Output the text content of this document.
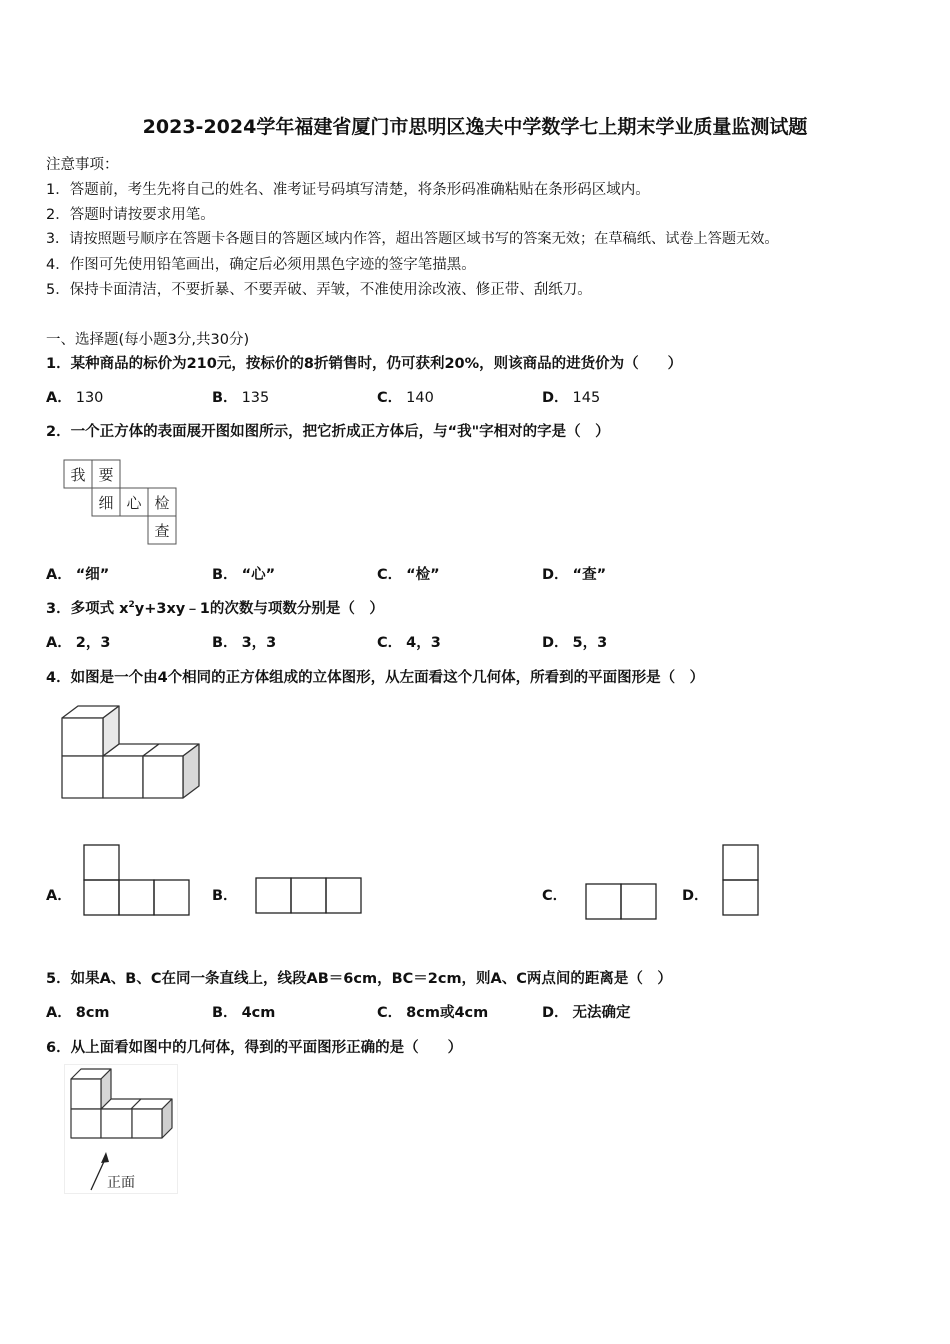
2023-2024学年福建省厦门市思明区逸夫中学数学七上期末学业质量监测试题
注意事项：
1．答题前，考生先将自己的姓名、准考证号码填写清楚，将条形码准确粘贴在条形码区域内。
2．答题时请按要求用笔。
3．请按照题号顺序在答题卡各题目的答题区域内作答，超出答题区域书写的答案无效；在草稿纸、试卷上答题无效。
4．作图可先使用铅笔画出，确定后必须用黑色字迹的签字笔描黑。
5．保持卡面清洁，不要折暴、不要弄破、弄皱，不准使用涂改液、修正带、刮纸刀。
一、选择题(每小题3分,共30分)
1．某种商品的标价为210元，按标价的8折销售时，仍可获利20%，则该商品的进货价为（　　）
A． 130	B． 135	C． 140	D． 145
2．一个正方体的表面展开图如图所示，把它折成正方体后，与“我"字相对的字是（　）
我 要
细 心 检
查
A． “细”	B． “心”	C． “检”	D． “查”
3．多项式 $x^2y+3xy﹣1$的次数与项数分别是（　）
A． 2，3	B． 3，3	C． 4，3	D． 5，3
4．如图是一个由4个相同的正方体组成的立体图形，从左面看这个几何体，所看到的平面图形是（　）
A．	B．	C．	D．
5．如果A、B、C在同一条直线上，线段AB＝6cm，BC＝2cm，则A、C两点间的距离是（　）
A． 8cm	B． 4cm	C． 8cm或4cm	D． 无法确定
6．从上面看如图中的几何体，得到的平面图形正确的是（　　）
正面
